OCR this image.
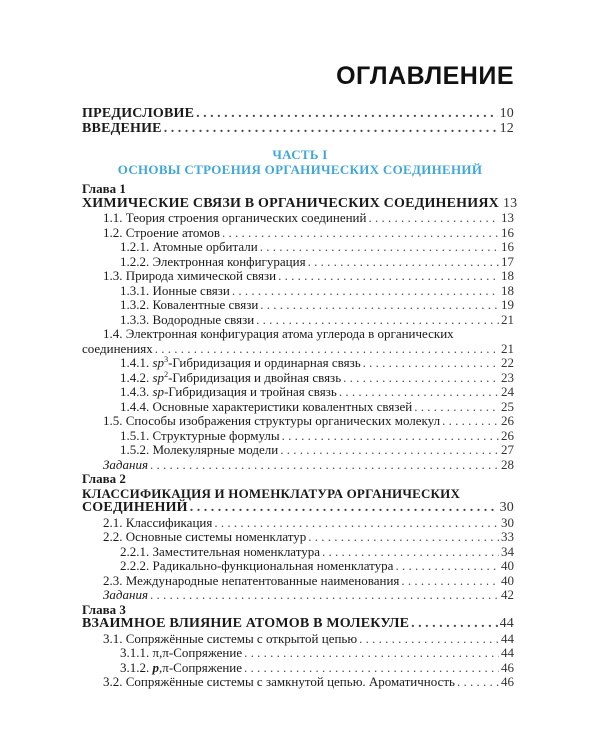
ОГЛАВЛЕНИЕ
ПРЕДИСЛОВИЕ . . .	10
ВВЕДЕНИЕ . . .	12
ЧАСТЬ I
ОСНОВЫ СТРОЕНИЯ ОРГАНИЧЕСКИХ СОЕДИНЕНИЙ
Глава 1
ХИМИЧЕСКИЕ СВЯЗИ В ОРГАНИЧЕСКИХ СОЕДИНЕНИЯХ 13
1.1. Теория строения органических соединений . . .	13
1.2. Строение атомов . . .	16
1.2.1. Атомные орбитали . . .	16
1.2.2. Электронная конфигурация . . .	17
1.3. Природа химической связи . . .	18
1.3.1. Ионные связи . . .	18
1.3.2. Ковалентные связи . . .	19
1.3.3. Водородные связи . . .	21
1.4. Электронная конфигурация атома углерода в органических
соединениях . . .	21
1.4.1. $sp^3$-Гибридизация и ординарная связь . . .	22
1.4.2. $sp^2$-Гибридизация и двойная связь . . .	23
1.4.3. sp-Гибридизация и тройная связь . . .	24
1.4.4. Основные характеристики ковалентных связей . . .	25
1.5. Способы изображения структуры органических молекул . . .	26
1.5.1. Структурные формулы . . .	26
1.5.2. Молекулярные модели . . .	27
Задания . . .	28
Глава 2
КЛАССИФИКАЦИЯ И НОМЕНКЛАТУРА ОРГАНИЧЕСКИХ
СОЕДИНЕНИЙ . . .	30
2.1. Классификация . . .	30
2.2. Основные системы номенклатур . . .	33
2.2.1. Заместительная номенклатура . . .	34
2.2.2. Радикально-функциональная номенклатура . . .	40
2.3. Международные непатентованные наименования . . .	40
Задания . . .	42
Глава 3
ВЗАИМНОЕ ВЛИЯНИЕ АТОМОВ В МОЛЕКУЛЕ . . .	44
3.1. Сопряжённые системы с открытой цепью . . .	44
3.1.1. π,π-Сопряжение . . .	44
3.1.2. p,π-Сопряжение . . .	46
3.2. Сопряжённые системы с замкнутой цепью. Ароматичность . . .	46
